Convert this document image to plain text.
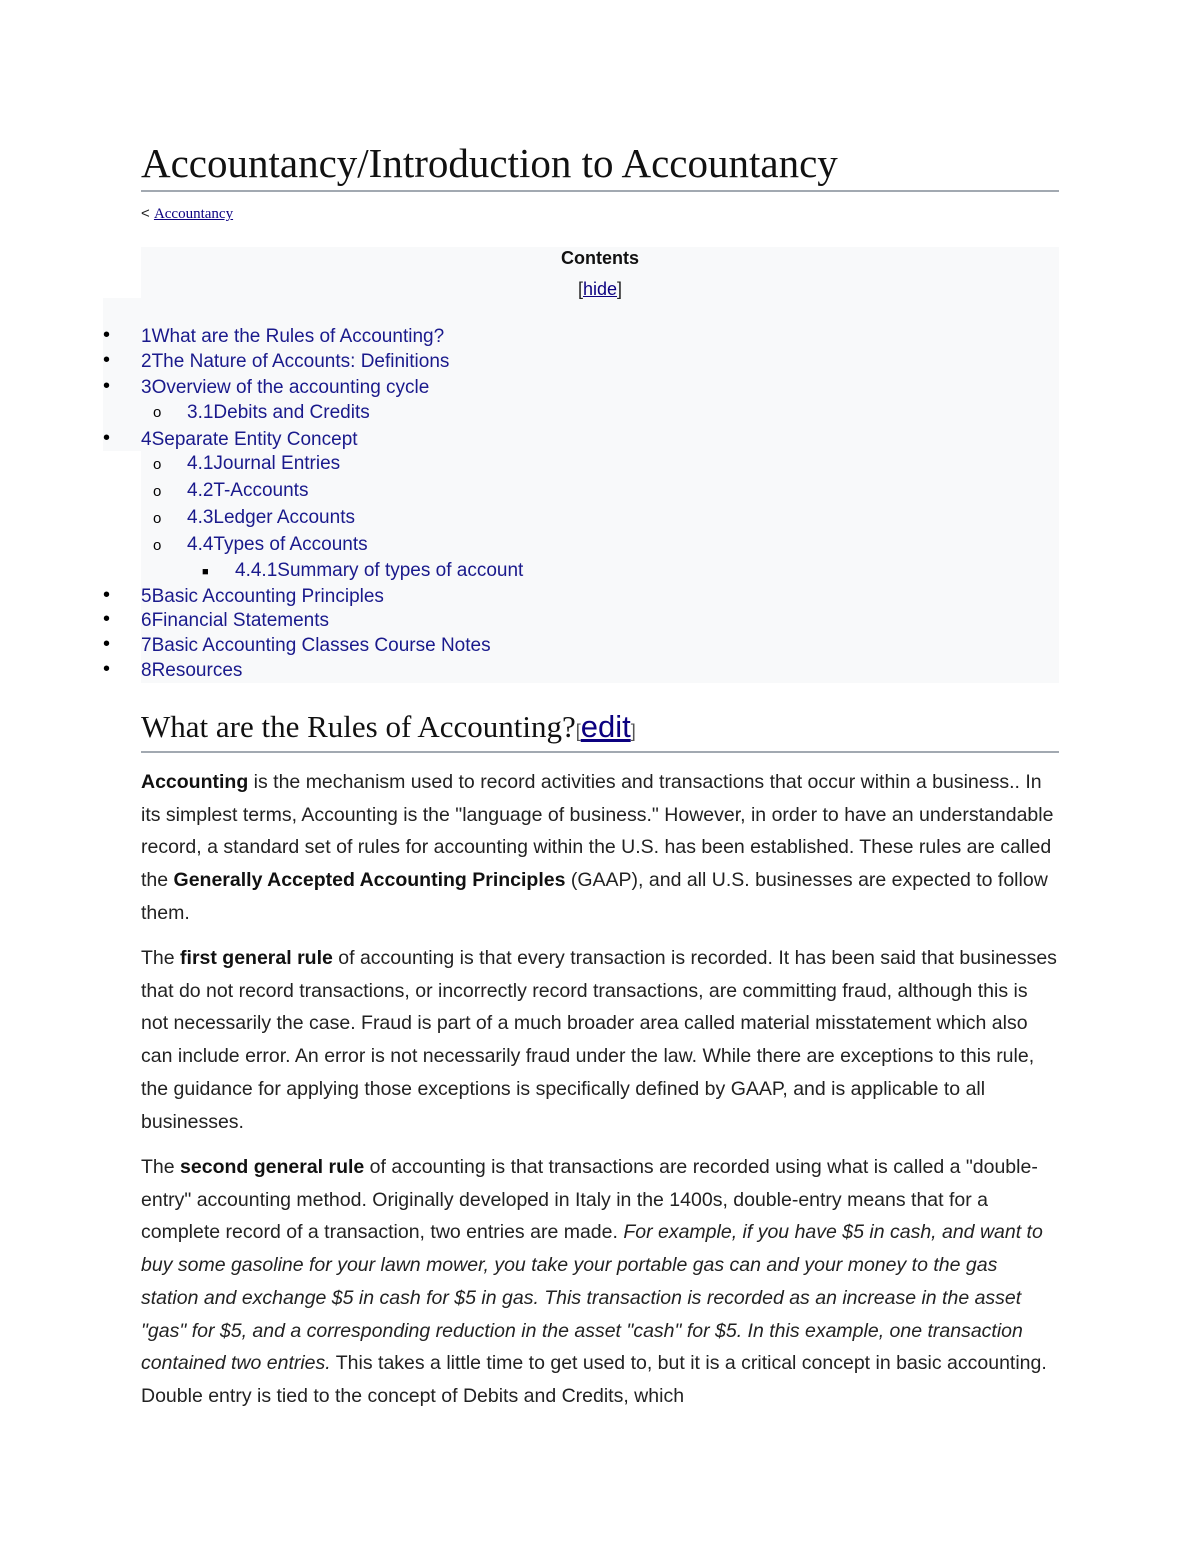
Accountancy/Introduction to Accountancy
< Accountancy
Contents
[hide]
•
•
•
o
•
o
o
o
o
■
•
•
•
•
1What are the Rules of Accounting?
2The Nature of Accounts: Definitions
3Overview of the accounting cycle
3.1Debits and Credits
4Separate Entity Concept
4.1Journal Entries
4.2T-Accounts
4.3Ledger Accounts
4.4Types of Accounts
4.4.1Summary of types of account
5Basic Accounting Principles
6Financial Statements
7Basic Accounting Classes Course Notes
8Resources
What are the Rules of Accounting?[edit]

Accounting is the mechanism used to record activities and transactions that occur within a business.. In its simplest terms, Accounting is the "language of business." However, in order to have an understandable record, a standard set of rules for accounting within the U.S. has been established. These rules are called the Generally Accepted Accounting Principles (GAAP), and all U.S. businesses are expected to follow them.

The first general rule of accounting is that every transaction is recorded. It has been said that businesses that do not record transactions, or incorrectly record transactions, are committing fraud, although this is not necessarily the case. Fraud is part of a much broader area called material misstatement which also can include error. An error is not necessarily fraud under the law. While there are exceptions to this rule, the guidance for applying those exceptions is specifically defined by GAAP, and is applicable to all businesses.

The second general rule of accounting is that transactions are recorded using what is called a "double-entry" accounting method. Originally developed in Italy in the 1400s, double-entry means that for a complete record of a transaction, two entries are made. For example, if you have $5 in cash, and want to buy some gasoline for your lawn mower, you take your portable gas can and your money to the gas station and exchange $5 in cash for $5 in gas. This transaction is recorded as an increase in the asset "gas" for $5, and a corresponding reduction in the asset "cash" for $5. In this example, one transaction contained two entries. This takes a little time to get used to, but it is a critical concept in basic accounting. Double entry is tied to the concept of Debits and Credits, which
